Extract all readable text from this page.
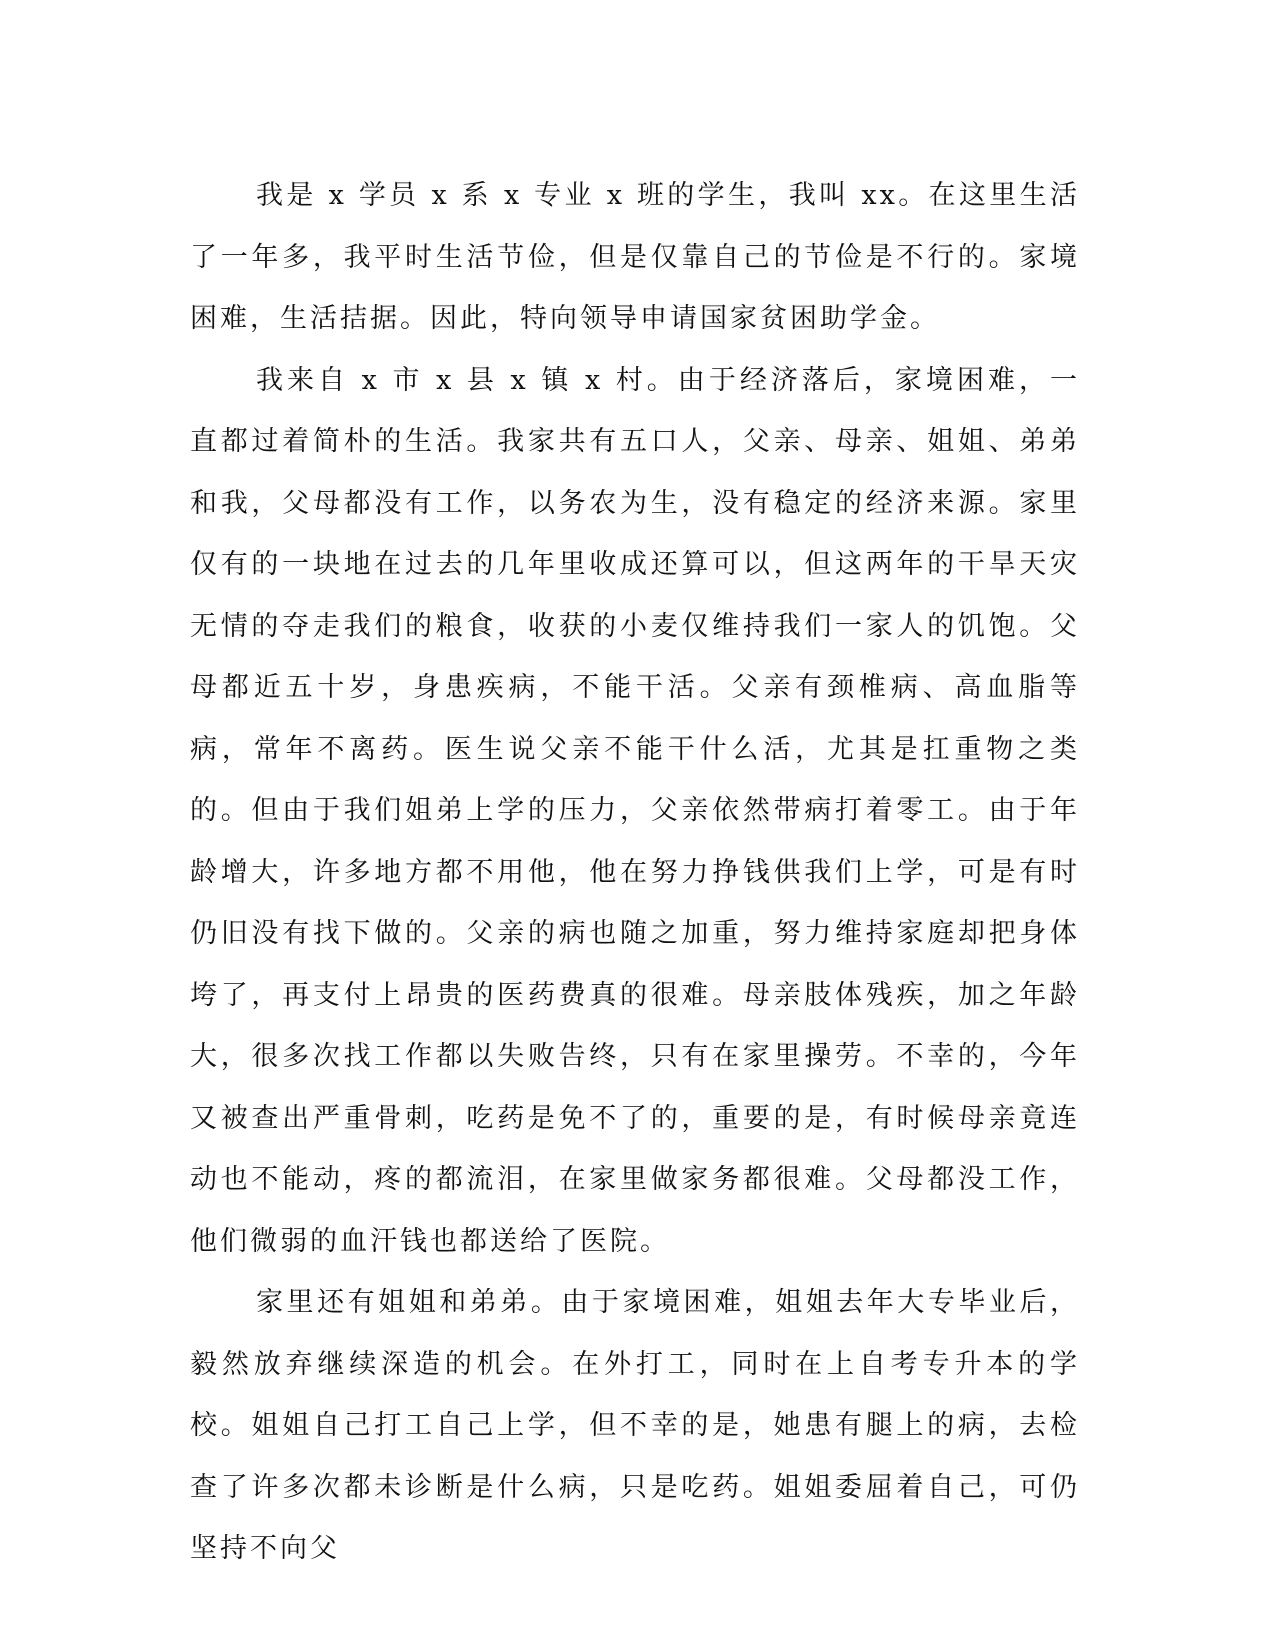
我是 x 学员 x 系 x 专业 x 班的学生，我叫 xx。在这里生活了一年多，我平时生活节俭，但是仅靠自己的节俭是不行的。家境困难，生活拮据。因此，特向领导申请国家贫困助学金。

我来自 x 市 x 县 x 镇 x 村。由于经济落后，家境困难，一直都过着简朴的生活。我家共有五口人，父亲、母亲、姐姐、弟弟和我，父母都没有工作，以务农为生，没有稳定的经济来源。家里仅有的一块地在过去的几年里收成还算可以，但这两年的干旱天灾无情的夺走我们的粮食，收获的小麦仅维持我们一家人的饥饱。父母都近五十岁，身患疾病，不能干活。父亲有颈椎病、高血脂等病，常年不离药。医生说父亲不能干什么活，尤其是扛重物之类的。但由于我们姐弟上学的压力，父亲依然带病打着零工。由于年龄增大，许多地方都不用他，他在努力挣钱供我们上学，可是有时仍旧没有找下做的。父亲的病也随之加重，努力维持家庭却把身体垮了，再支付上昂贵的医药费真的很难。母亲肢体残疾，加之年龄大，很多次找工作都以失败告终，只有在家里操劳。不幸的，今年又被查出严重骨刺，吃药是免不了的，重要的是，有时候母亲竟连动也不能动，疼的都流泪，在家里做家务都很难。父母都没工作，他们微弱的血汗钱也都送给了医院。

家里还有姐姐和弟弟。由于家境困难，姐姐去年大专毕业后，毅然放弃继续深造的机会。在外打工，同时在上自考专升本的学校。姐姐自己打工自己上学，但不幸的是，她患有腿上的病，去检查了许多次都未诊断是什么病，只是吃药。姐姐委屈着自己，可仍坚持不向父
